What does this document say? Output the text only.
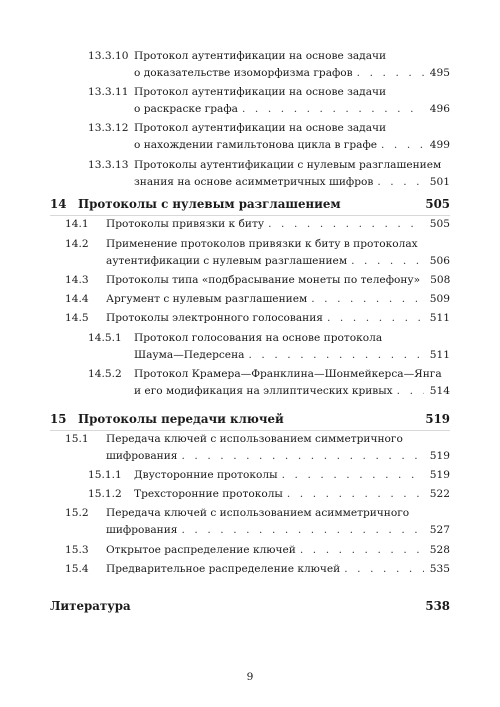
13.3.10 Протокол аутентификации на основе задачи
о доказательстве изоморфизма графов . . .	495
13.3.11 Протокол аутентификации на основе задачи
о раскраске графа . . .	496
13.3.12 Протокол аутентификации на основе задачи
о нахождении гамильтонова цикла в графе . . .	499
13.3.13 Протоколы аутентификации с нулевым разглашением
знания на основе асимметричных шифров . . .	501
14 Протоколы с нулевым разглашением	505
14.1 Протоколы привязки к биту . . .	505
14.2 Применение протоколов привязки к биту в протоколах
аутентификации с нулевым разглашением . . .	506
14.3 Протоколы типа «подбрасывание монеты по телефону» 508
14.4 Аргумент с нулевым разглашением . . .	509
14.5 Протоколы электронного голосования . . .	511
14.5.1 Протокол голосования на основе протокола
Шаума—Педерсена . . .	511
14.5.2 Протокол Крамера—Франклина—Шонмейкерса—Янга
и его модификация на эллиптических кривых . . .	514
15 Протоколы передачи ключей	519
15.1 Передача ключей с использованием симметричного
шифрования . . .	519
15.1.1 Двусторонние протоколы . . .	519
15.1.2 Трехсторонние протоколы . . .	522
15.2 Передача ключей с использованием асимметричного
шифрования . . .	527
15.3 Открытое распределение ключей . . .	528
15.4 Предварительное распределение ключей . . .	535
Литература	538
9
